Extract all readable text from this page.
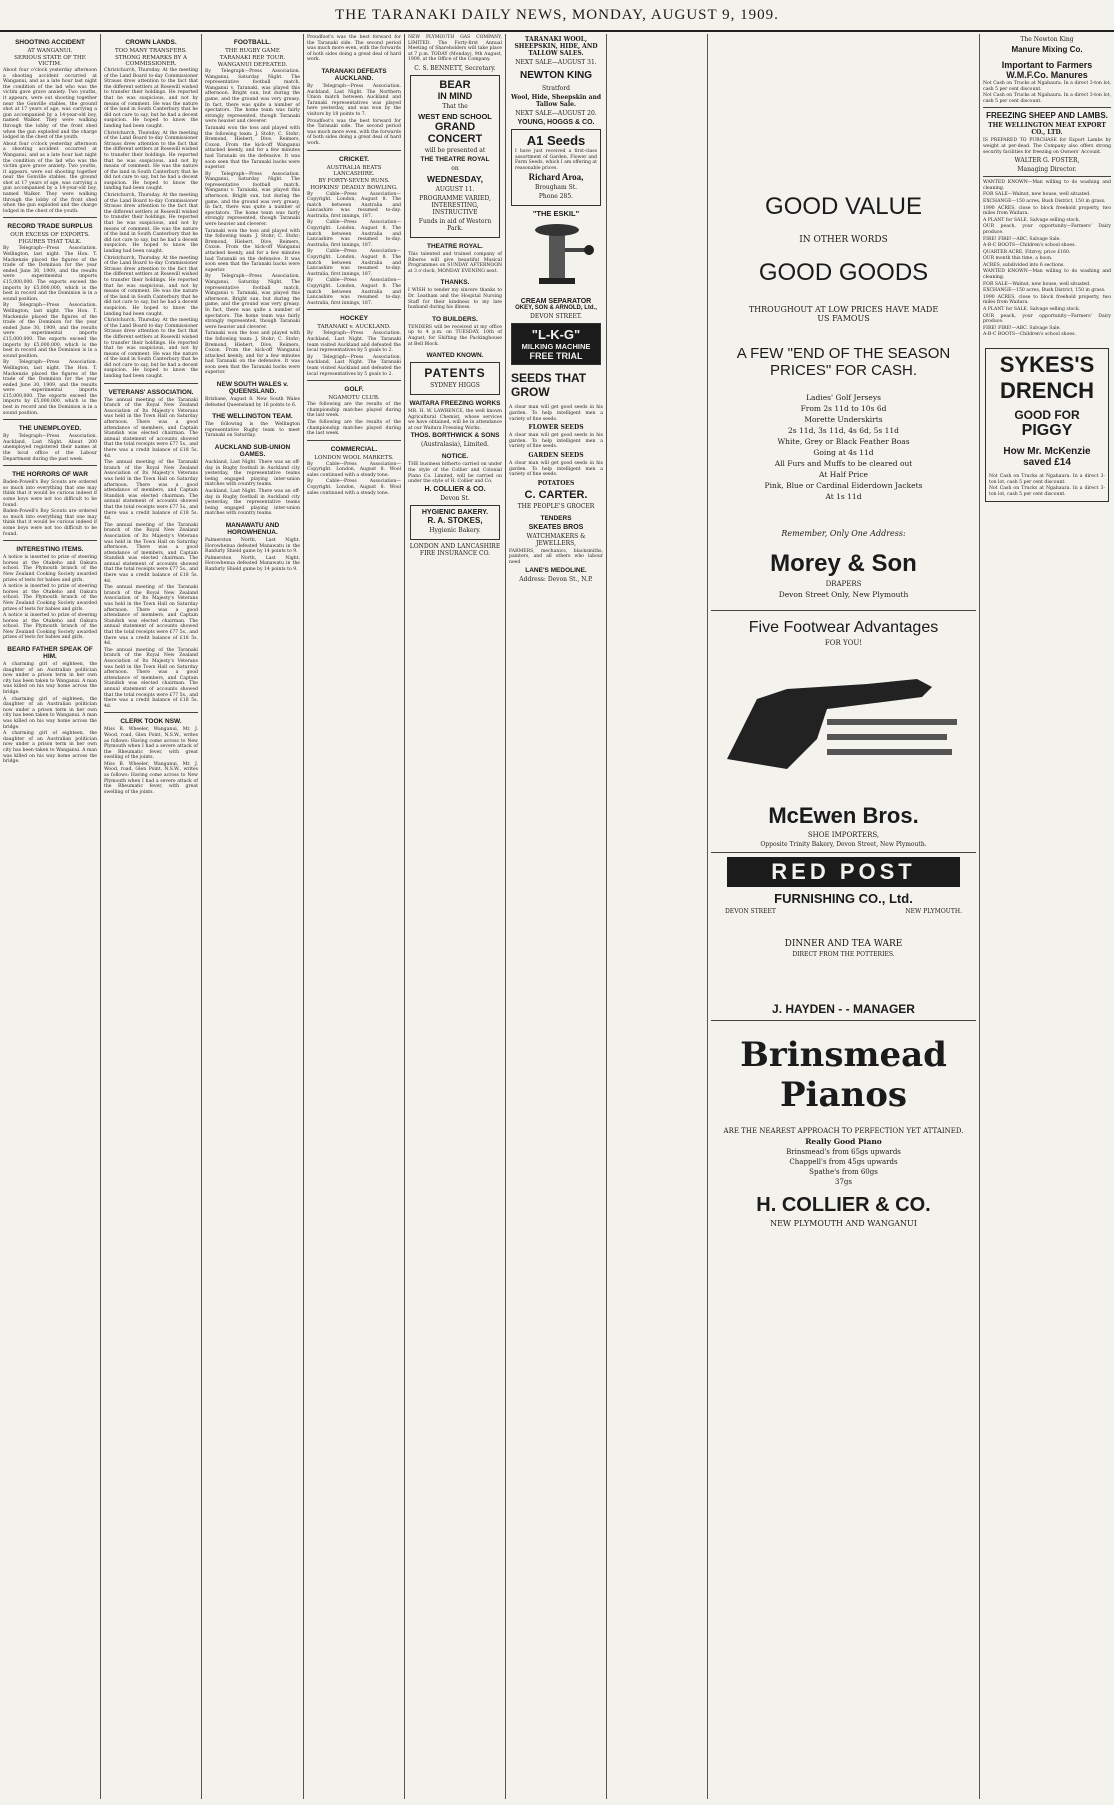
THE TARANAKI DAILY NEWS, MONDAY, AUGUST 9, 1909.
SHOOTING ACCIDENT
AT WANGANUI.
SERIOUS STATE OF THE VICTIM.
About four o'clock yesterday afternoon a shooting accident occurred at Wanganui, and as a late hour last night the condition of the lad who was the victim gave grave anxiety. Two youths, it appears, were out shooting together near the Gonville stables, the ground shot at 17 years of age, was carrying a gun accompanied by a 14-year-old boy, named Walker. They were walking through the lobby of the front shed when the gun exploded and the charge lodged in the chest of the youth.
About four o'clock yesterday afternoon a shooting accident occurred at Wanganui, and as a late hour last night the condition of the lad who was the victim gave grave anxiety. Two youths, it appears, were out shooting together near the Gonville stables, the ground shot at 17 years of age, was carrying a gun accompanied by a 14-year-old boy, named Walker. They were walking through the lobby of the front shed when the gun exploded and the charge lodged in the chest of the youth.
RECORD TRADE SURPLUS
OUR EXCESS OF EXPORTS.
FIGURES THAT TALK.
By Telegraph—Press Association. Wellington, last night. The Hon. T. Mackenzie placed the figures of the trade of the Dominion for the year ended June 30, 1909, and the results were experimental imports £15,000,000. The exports exceed the imports by £5,000,000, which is the best in record and the Dominion is in a sound position.
By Telegraph—Press Association. Wellington, last night. The Hon. T. Mackenzie placed the figures of the trade of the Dominion for the year ended June 30, 1909, and the results were experimental imports £15,000,000. The exports exceed the imports by £5,000,000, which is the best in record and the Dominion is in a sound position.
By Telegraph—Press Association. Wellington, last night. The Hon. T. Mackenzie placed the figures of the trade of the Dominion for the year ended June 30, 1909, and the results were experimental imports £15,000,000. The exports exceed the imports by £5,000,000, which is the best in record and the Dominion is in a sound position.
THE UNEMPLOYED.
By Telegraph—Press Association. Auckland, Last Night. About 200 unemployed registered their names at the local office of the Labour Department during the past week.
THE HORRORS OF WAR
Baden-Powell's Boy Scouts are ordered so much into everything that one may think that it would be curious indeed if some boys were not too difficult to be found.
Baden-Powell's Boy Scouts are ordered so much into everything that one may think that it would be curious indeed if some boys were not too difficult to be found.
INTERESTING ITEMS.
A notice is inserted to prize of steering horses at the Otakeho and Oakura school. The Plymouth branch of the New Zealand Cooking Society awarded prizes of tests for babies and girls.
A notice is inserted to prize of steering horses at the Otakeho and Oakura school. The Plymouth branch of the New Zealand Cooking Society awarded prizes of tests for babies and girls.
A notice is inserted to prize of steering horses at the Otakeho and Oakura school. The Plymouth branch of the New Zealand Cooking Society awarded prizes of tests for babies and girls.
BEARD FATHER SPEAK OF HIM.
A charming girl of eighteen, the daughter of an Australian politician now under a prison term in her own city has been taken to Wanganui. A man was killed on his way home across the bridge.
A charming girl of eighteen, the daughter of an Australian politician now under a prison term in her own city has been taken to Wanganui. A man was killed on his way home across the bridge.
A charming girl of eighteen, the daughter of an Australian politician now under a prison term in her own city has been taken to Wanganui. A man was killed on his way home across the bridge.
CROWN LANDS.
TOO MANY TRANSFERS.
STRONG REMARKS BY A COMMISSIONER.
Christchurch, Thursday. At the meeting of the Land Board to-day Commissioner Strauss drew attention to the fact that the different settlers at Rosewill wished to transfer their holdings. He reported that he was suspicious, and not by means of comment. He was the nature of the land in South Canterbury that he did not care to say, but he had a decent suspicion. He hoped to know the landing had been caught.
Christchurch, Thursday. At the meeting of the Land Board to-day Commissioner Strauss drew attention to the fact that the different settlers at Rosewill wished to transfer their holdings. He reported that he was suspicious, and not by means of comment. He was the nature of the land in South Canterbury that he did not care to say, but he had a decent suspicion. He hoped to know the landing had been caught.
Christchurch, Thursday. At the meeting of the Land Board to-day Commissioner Strauss drew attention to the fact that the different settlers at Rosewill wished to transfer their holdings. He reported that he was suspicious, and not by means of comment. He was the nature of the land in South Canterbury that he did not care to say, but he had a decent suspicion. He hoped to know the landing had been caught.
Christchurch, Thursday. At the meeting of the Land Board to-day Commissioner Strauss drew attention to the fact that the different settlers at Rosewill wished to transfer their holdings. He reported that he was suspicious, and not by means of comment. He was the nature of the land in South Canterbury that he did not care to say, but he had a decent suspicion. He hoped to know the landing had been caught.
Christchurch, Thursday. At the meeting of the Land Board to-day Commissioner Strauss drew attention to the fact that the different settlers at Rosewill wished to transfer their holdings. He reported that he was suspicious, and not by means of comment. He was the nature of the land in South Canterbury that he did not care to say, but he had a decent suspicion. He hoped to know the landing had been caught.
VETERANS' ASSOCIATION.
The annual meeting of the Taranaki branch of the Royal New Zealand Association of Its Majesty's Veterans was held in the Town Hall on Saturday afternoon. There was a good attendance of members, and Captain Standish was elected chairman. The annual statement of accounts showed that the total receipts were £77 5s., and there was a credit balance of £18 5s. 4d.
The annual meeting of the Taranaki branch of the Royal New Zealand Association of Its Majesty's Veterans was held in the Town Hall on Saturday afternoon. There was a good attendance of members, and Captain Standish was elected chairman. The annual statement of accounts showed that the total receipts were £77 5s., and there was a credit balance of £18 5s. 4d.
The annual meeting of the Taranaki branch of the Royal New Zealand Association of Its Majesty's Veterans was held in the Town Hall on Saturday afternoon. There was a good attendance of members, and Captain Standish was elected chairman. The annual statement of accounts showed that the total receipts were £77 5s., and there was a credit balance of £18 5s. 4d.
The annual meeting of the Taranaki branch of the Royal New Zealand Association of Its Majesty's Veterans was held in the Town Hall on Saturday afternoon. There was a good attendance of members, and Captain Standish was elected chairman. The annual statement of accounts showed that the total receipts were £77 5s., and there was a credit balance of £18 5s. 4d.
The annual meeting of the Taranaki branch of the Royal New Zealand Association of Its Majesty's Veterans was held in the Town Hall on Saturday afternoon. There was a good attendance of members, and Captain Standish was elected chairman. The annual statement of accounts showed that the total receipts were £77 5s., and there was a credit balance of £18 5s. 4d.
CLERK TOOK NSW.
Miss B. Wheeler, Wanganui, Mr. J. Wood, road, Glen Point, N.S.W., writes as follows: Having come across to New Plymouth when I had a severe attack of the Rheumatic fever, with great swelling of the joints.
Miss B. Wheeler, Wanganui, Mr. J. Wood, road, Glen Point, N.S.W., writes as follows: Having come across to New Plymouth when I had a severe attack of the Rheumatic fever, with great swelling of the joints.
FOOTBALL.
THE RUGBY GAME
TARANAKI REP. TOUR.
WANGANUI DEFEATED.
By Telegraph—Press Association. Wanganui, Saturday Night. The representative football match, Wanganui v. Taranaki, was played this afternoon. Bright sun, but during the game, and the ground was very greasy. In fact, there was quite a number of spectators. The home team was fairly strongly represented, though Taranaki were heavier and cleverer.
Taranaki won the toss and played with the following team: J. Stohr; C. Stohr; Bremond, Hiebert, Dive, Reimers, Coxon. From the kick-off Wanganui attacked keenly, and for a few minutes had Taranaki on the defensive. It was soon seen that the Taranaki backs were superior.
By Telegraph—Press Association. Wanganui, Saturday Night. The representative football match, Wanganui v. Taranaki, was played this afternoon. Bright sun, but during the game, and the ground was very greasy. In fact, there was quite a number of spectators. The home team was fairly strongly represented, though Taranaki were heavier and cleverer.
Taranaki won the toss and played with the following team: J. Stohr; C. Stohr; Bremond, Hiebert, Dive, Reimers, Coxon. From the kick-off Wanganui attacked keenly, and for a few minutes had Taranaki on the defensive. It was soon seen that the Taranaki backs were superior.
By Telegraph—Press Association. Wanganui, Saturday Night. The representative football match, Wanganui v. Taranaki, was played this afternoon. Bright sun, but during the game, and the ground was very greasy. In fact, there was quite a number of spectators. The home team was fairly strongly represented, though Taranaki were heavier and cleverer.
Taranaki won the toss and played with the following team: J. Stohr; C. Stohr; Bremond, Hiebert, Dive, Reimers, Coxon. From the kick-off Wanganui attacked keenly, and for a few minutes had Taranaki on the defensive. It was soon seen that the Taranaki backs were superior.
NEW SOUTH WALES v. QUEENSLAND.
Brisbane, August 8. New South Wales defeated Queensland by 16 points to 6.
THE WELLINGTON TEAM.
The following is the Wellington representative Rugby team to meet Taranaki on Saturday.
AUCKLAND SUB-UNION GAMES.
Auckland, Last Night. There was an off-day in Rugby football in Auckland city yesterday, the representative teams being engaged playing inter-union matches with country teams.
Auckland, Last Night. There was an off-day in Rugby football in Auckland city yesterday, the representative teams being engaged playing inter-union matches with country teams.
MANAWATU AND HOROWHENUA.
Palmerston North, Last Night. Horowhenua defeated Manawatu in the Ranfurly Shield game by 14 points to 9.
Palmerston North, Last Night. Horowhenua defeated Manawatu in the Ranfurly Shield game by 14 points to 9.
Proudfoot's was the best forward for the Taranaki side. The second period was much more even, with the forwards of both sides doing a great deal of hard work.
TARANAKI DEFEATS AUCKLAND.
By Telegraph—Press Association. Auckland, Last Night. The Northern Union match between Auckland and Taranaki representatives was played here yesterday, and was won by the visitors by 18 points to 7.
Proudfoot's was the best forward for the Taranaki side. The second period was much more even, with the forwards of both sides doing a great deal of hard work.
CRICKET.
AUSTRALIA BEATS LANCASHIRE.
BY FORTY-SEVEN RUNS.
HOPKINS' DEADLY BOWLING.
By Cable—Press Association—Copyright. London, August 8. The match between Australia and Lancashire was resumed to-day. Australia, first innings, 187.
By Cable—Press Association—Copyright. London, August 8. The match between Australia and Lancashire was resumed to-day. Australia, first innings, 187.
By Cable—Press Association—Copyright. London, August 8. The match between Australia and Lancashire was resumed to-day. Australia, first innings, 187.
By Cable—Press Association—Copyright. London, August 8. The match between Australia and Lancashire was resumed to-day. Australia, first innings, 187.
HOCKEY
TARANAKI v. AUCKLAND.
By Telegraph—Press Association. Auckland, Last Night. The Taranaki team visited Auckland and defeated the local representatives by 5 goals to 2.
By Telegraph—Press Association. Auckland, Last Night. The Taranaki team visited Auckland and defeated the local representatives by 5 goals to 2.
GOLF.
NGAMOTU CLUB.
The following are the results of the championship matches played during the last week.
The following are the results of the championship matches played during the last week.
COMMERCIAL.
LONDON WOOL MARKETS.
By Cable—Press Association—Copyright. London, August 8. Wool sales continued with a steady tone.
By Cable—Press Association—Copyright. London, August 8. Wool sales continued with a steady tone.
NEW PLYMOUTH GAS COMPANY, LIMITED. The Forty-first Annual Meeting of Shareholders will take place at 7 p.m. TODAY (Monday), 9th August, 1909, at the Office of the Company.
C. S. BENNETT, Secretary.
BEAR
IN MIND
That the
WEST END SCHOOL
GRAND
CONCERT
will be presented at
THE THEATRE ROYAL
on
WEDNESDAY,
AUGUST 11.
PROGRAMME VARIED, INTERESTING, INSTRUCTIVE
Funds in aid of Western Park.
THEATRE ROYAL.
This talented and trained company of Riberos will give beautiful Musical Programmes on SUNDAY AFTERNOON at 3 o'clock, MONDAY EVENING next.
THANKS.
I WISH to tender my sincere thanks to Dr. Leatham and the Hospital Nursing Staff for their kindness to my late husband during his illness.
TO BUILDERS.
TENDERS will be received at my office up to 4 p.m. on TUESDAY, 10th of August, for Shifting the Packinghouse at Bell Block.
WANTED KNOWN.
PATENTS
SYDNEY HIGGS
WAITARA FREEZING WORKS
MR. H. W. LAWRENCE, the well known Agricultural Chemist, whose services we have obtained, will be in attendance at our Waitara Freezing Works.
THOS. BORTHWICK & SONS
(Australasia), Limited.
NOTICE.
THE business hitherto carried on under the style of the Collier and Colonial Piano Co. Limited, will be carried on under the style of H. Collier and Co.
H. COLLIER & CO.
Devon St.
HYGIENIC BAKERY.
R. A. STOKES,
Hygienic Bakery.
LONDON AND LANCASHIRE FIRE INSURANCE CO.
TARANAKI WOOL, SHEEPSKIN, HIDE, AND TALLOW SALES.
NEXT SALE—AUGUST 31.
NEWTON KING
Stratford
Wool, Hide, Sheepskin and Tallow Sale.
NEXT SALE—AUGUST 20.
YOUNG, HOGGS & CO.
A1 Seeds
I have just received a first-class assortment of Garden, Flower and Farm Seeds, which I am offering at reasonable prices.
Richard Aroa,
Brougham St.
Phone 285.
"THE ESKIL"
CREAM SEPARATOR
OKEY, SON & ARNOLD, Ltd.,
DEVON STREET.
"L-K-G"
MILKING MACHINE
FREE TRIAL
SEEDS THAT GROW
A clear man will get good seeds in his garden. To help intelligent men a variety of fine seeds.
FLOWER SEEDS
A clear man will get good seeds in his garden. To help intelligent men a variety of fine seeds.
GARDEN SEEDS
A clear man will get good seeds in his garden. To help intelligent men a variety of fine seeds.
POTATOES
C. CARTER.
THE PEOPLE'S GROCER
TENDERS
SKEATES BROS
WATCHMAKERS & JEWELLERS,
FARMERS, mechanics, blacksmiths, painters, and all others who labour need
LANE'S MEDOLINE.
Address: Devon St., N.P.
GOOD VALUE
IN OTHER WORDS
GOOD GOODS
THROUGHOUT AT LOW PRICES HAVE MADE US FAMOUS
A FEW "END OF THE SEASON PRICES" FOR CASH.
Ladies' Golf Jerseys
From 2s 11d to 10s 6d
Morette Underskirts
2s 11d, 3s 11d, 4s 6d, 5s 11d
White, Grey or Black Feather Boas
Going at 4s 11d
All Furs and Muffs to be cleared out
At Half Price
Pink, Blue or Cardinal Eiderdown Jackets
At 1s 11d
Remember, Only One Address:
Morey & Son
DRAPERS
Devon Street Only, New Plymouth
Five Footwear Advantages
FOR YOU!
McEwen Bros.
SHOE IMPORTERS,
Opposite Trinity Bakery, Devon Street, New Plymouth.
RED POST
FURNISHING CO., Ltd.
DEVON STREET	NEW PLYMOUTH.
DINNER AND TEA WARE
DIRECT FROM THE POTTERIES.
J. HAYDEN - - MANAGER
Brinsmead
Pianos
ARE THE NEAREST APPROACH TO PERFECTION YET ATTAINED.
Really Good Piano
Brinsmead's from 65gs upwards
Chappell's from 45gs upwards
Spathe's from 60gs
37gs
H. COLLIER & CO.
NEW PLYMOUTH AND WANGANUI
The Newton King
Manure Mixing Co.
Important to Farmers
W.M.F.Co. Manures
Not Cash on Trucks at Ngahaura. In a direct 3-ton lot, cash 5 per cent discount.
Not Cash on Trucks at Ngahaura. In a direct 3-ton lot, cash 5 per cent discount.
FREEZING SHEEP AND LAMBS.
THE WELLINGTON MEAT EXPORT CO., LTD.
IS PREPARED TO PURCHASE for Export Lambs by weight at per-dead. The Company also offers strong security facilities for freezing on Owners' Account.
WALTER G. FOSTER,
Managing Director.
WANTED KNOWN—Man willing to do washing and cleaning.
FOR SALE—Walnut, new house, well situated.
EXCHANGE—150 acres, Bush District, 150 in grass.
1990 ACRES, close to block freehold property, two miles from Waitara.
A PLANT for SALE. Salvage selling stock.
OUR peach, your opportunity—Farmers' Dairy produce.
FIRE! FIRE!—ABC. Salvage Sale.
A-B-C BOOTS—Children's school shoes.
QUARTER ACRE, Fitzroy, price £160.
OUR month this time, a boon.
ACRES, subdivided into 6 sections.
WANTED KNOWN—Man willing to do washing and cleaning.
FOR SALE—Walnut, new house, well situated.
EXCHANGE—150 acres, Bush District, 150 in grass.
1990 ACRES, close to block freehold property, two miles from Waitara.
A PLANT for SALE. Salvage selling stock.
OUR peach, your opportunity—Farmers' Dairy produce.
FIRE! FIRE!—ABC. Salvage Sale.
A-B-C BOOTS—Children's school shoes.
SYKES'S
DRENCH
GOOD FOR
PIGGY
How Mr. McKenzie saved £14
Not Cash on Trucks at Ngahaura. In a direct 3-ton lot, cash 5 per cent discount.
Not Cash on Trucks at Ngahaura. In a direct 3-ton lot, cash 5 per cent discount.
